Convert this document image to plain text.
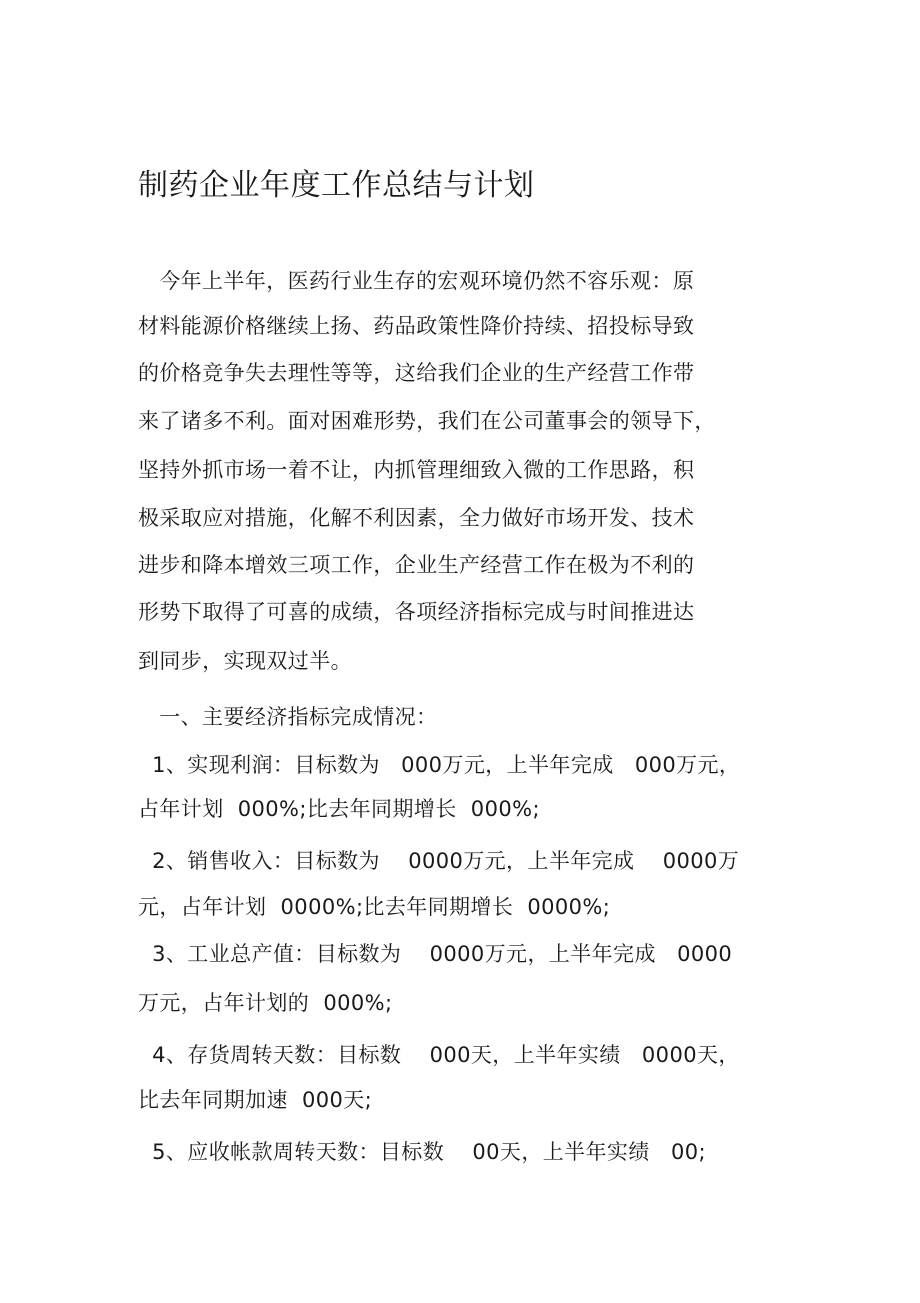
制药企业年度工作总结与计划
今年上半年，医药行业生存的宏观环境仍然不容乐观：原
材料能源价格继续上扬、药品政策性降价持续、招投标导致
的价格竞争失去理性等等，这给我们企业的生产经营工作带
来了诸多不利。面对困难形势，我们在公司董事会的领导下，
坚持外抓市场一着不让，内抓管理细致入微的工作思路，积
极采取应对措施，化解不利因素，全力做好市场开发、技术
进步和降本增效三项工作，企业生产经营工作在极为不利的
形势下取得了可喜的成绩，各项经济指标完成与时间推进达
到同步，实现双过半。
一、主要经济指标完成情况：
1、实现利润：目标数为   000万元，上半年完成   000万元，
占年计划  000%;比去年同期增长  000%;
2、销售收入：目标数为    0000万元，上半年完成    0000万
元，占年计划  0000%;比去年同期增长  0000%;
3、工业总产值：目标数为    0000万元，上半年完成   0000
万元，占年计划的  000%;
4、存货周转天数：目标数    000天，上半年实绩   0000天，
比去年同期加速  000天;
5、应收帐款周转天数：目标数    00天，上半年实绩   00;
